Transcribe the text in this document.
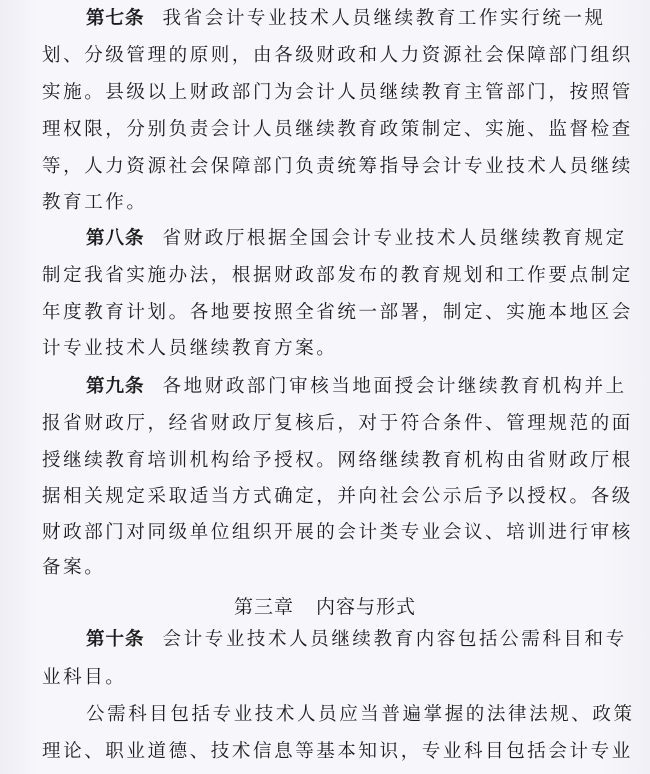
第七条 我省会计专业技术人员继续教育工作实行统一规
划、分级管理的原则，由各级财政和人力资源社会保障部门组织
实施。县级以上财政部门为会计人员继续教育主管部门，按照管
理权限，分别负责会计人员继续教育政策制定、实施、监督检查
等，人力资源社会保障部门负责统筹指导会计专业技术人员继续
教育工作。
第八条 省财政厅根据全国会计专业技术人员继续教育规定
制定我省实施办法，根据财政部发布的教育规划和工作要点制定
年度教育计划。各地要按照全省统一部署，制定、实施本地区会
计专业技术人员继续教育方案。
第九条 各地财政部门审核当地面授会计继续教育机构并上
报省财政厅，经省财政厅复核后，对于符合条件、管理规范的面
授继续教育培训机构给予授权。网络继续教育机构由省财政厅根
据相关规定采取适当方式确定，并向社会公示后予以授权。各级
财政部门对同级单位组织开展的会计类专业会议、培训进行审核
备案。
第三章 内容与形式
第十条 会计专业技术人员继续教育内容包括公需科目和专
业科目。
公需科目包括专业技术人员应当普遍掌握的法律法规、政策
理论、职业道德、技术信息等基本知识，专业科目包括会计专业
